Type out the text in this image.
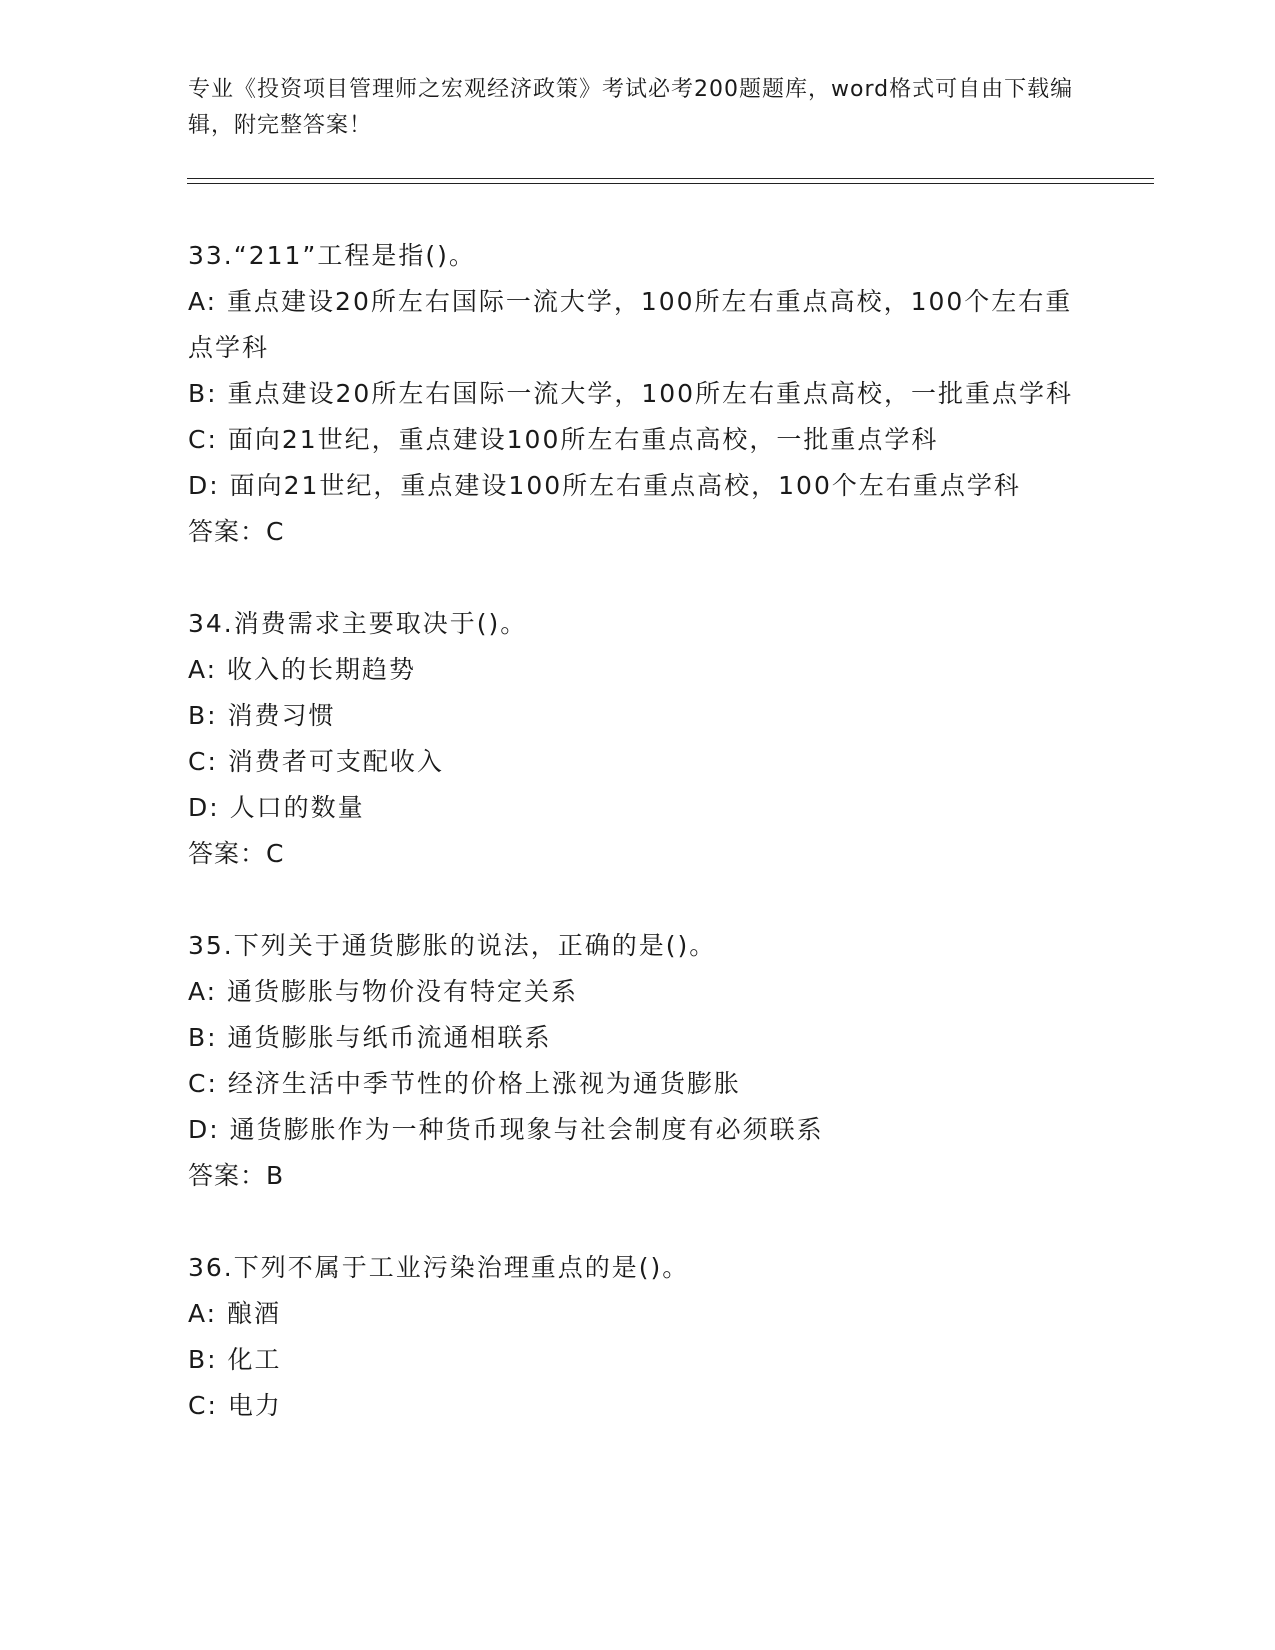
专业《投资项目管理师之宏观经济政策》考试必考200题题库，word格式可自由下载编辑，附完整答案！
33.“211”工程是指()。
A: 重点建设20所左右国际一流大学，100所左右重点高校，100个左右重点学科
B: 重点建设20所左右国际一流大学，100所左右重点高校，一批重点学科
C: 面向21世纪，重点建设100所左右重点高校，一批重点学科
D: 面向21世纪，重点建设100所左右重点高校，100个左右重点学科
答案：C
34.消费需求主要取决于()。
A: 收入的长期趋势
B: 消费习惯
C: 消费者可支配收入
D: 人口的数量
答案：C
35.下列关于通货膨胀的说法，正确的是()。
A: 通货膨胀与物价没有特定关系
B: 通货膨胀与纸币流通相联系
C: 经济生活中季节性的价格上涨视为通货膨胀
D: 通货膨胀作为一种货币现象与社会制度有必须联系
答案：B
36.下列不属于工业污染治理重点的是()。
A: 酿酒
B: 化工
C: 电力
